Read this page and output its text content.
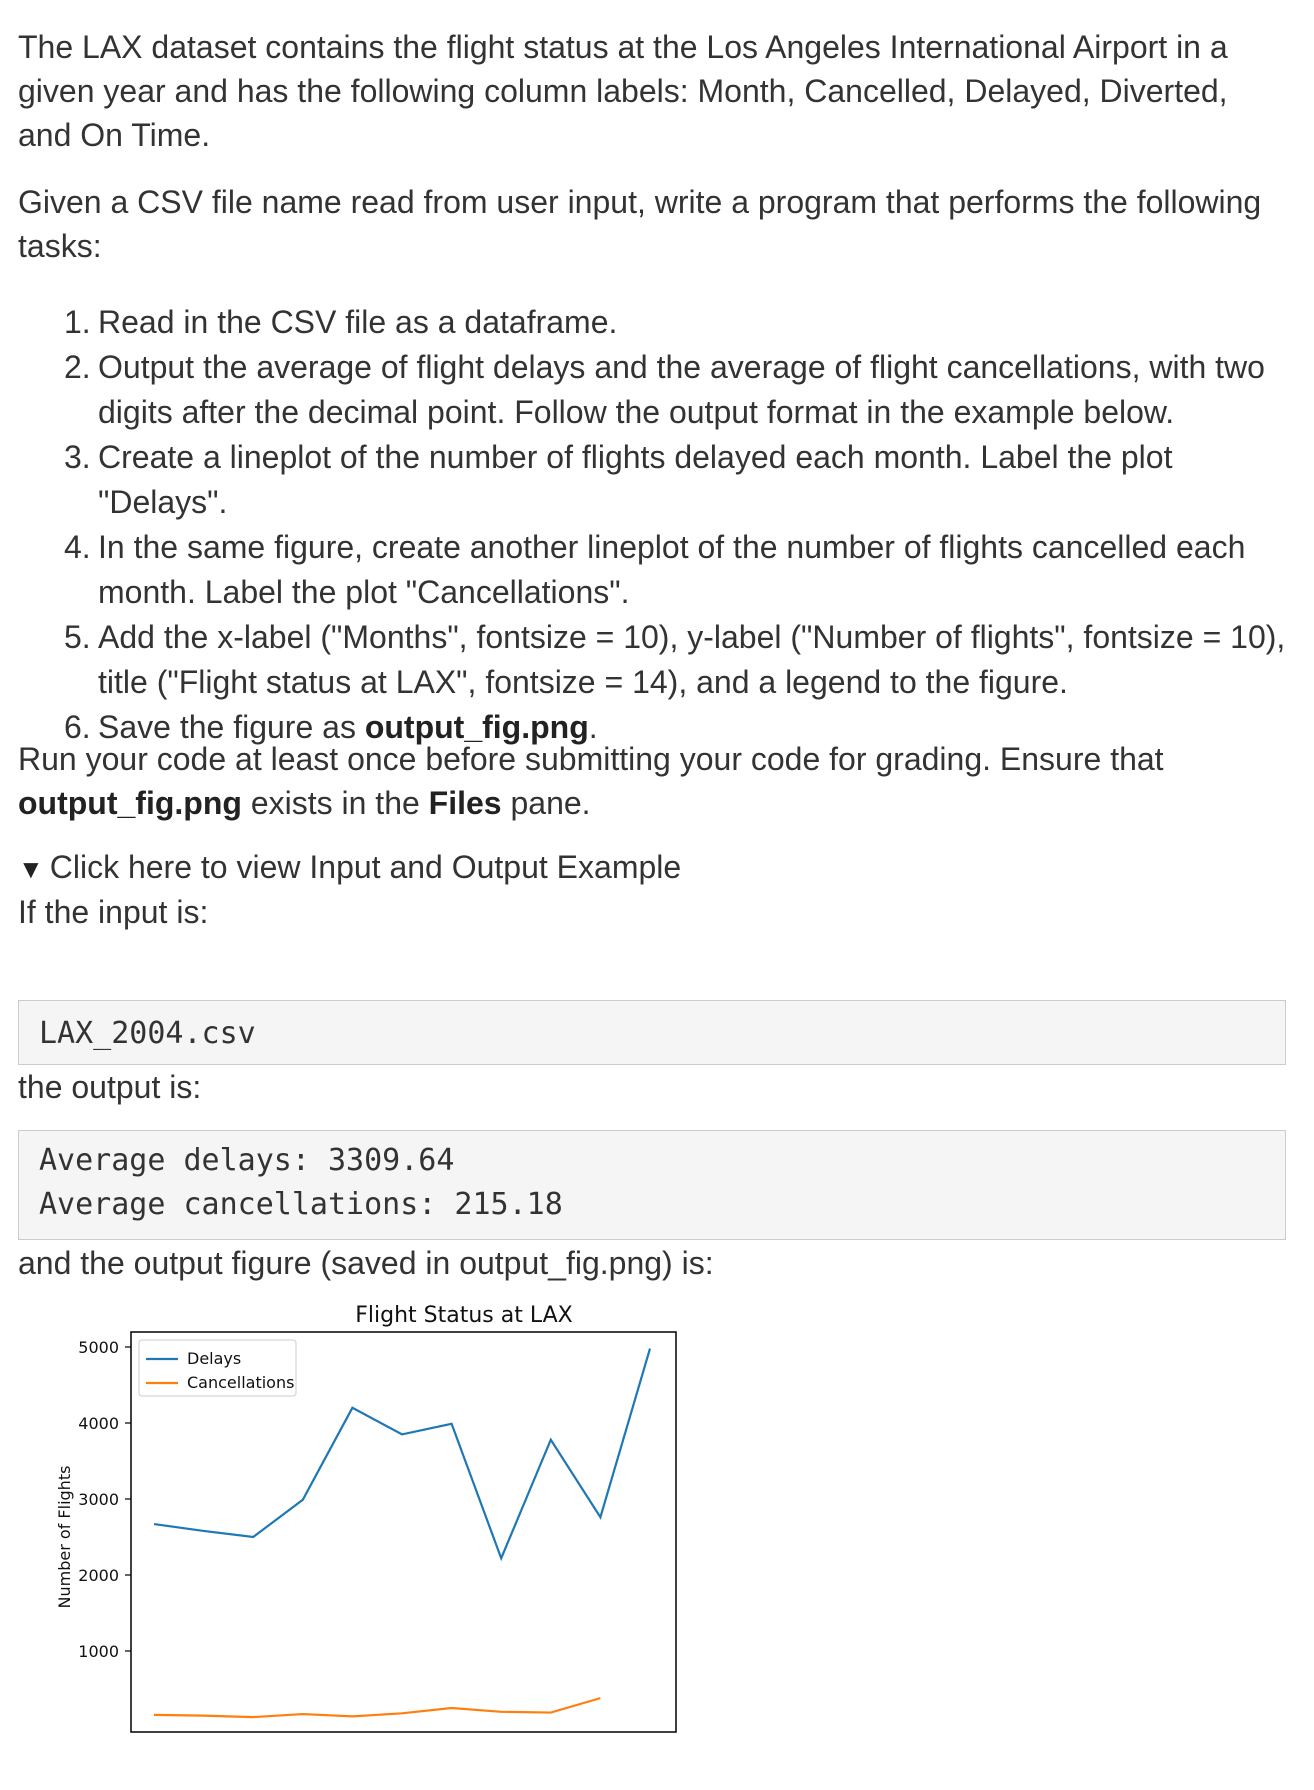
The LAX dataset contains the flight status at the Los Angeles International Airport in a given year and has the following column labels: Month, Cancelled, Delayed, Diverted, and On Time.

Given a CSV file name read from user input, write a program that performs the following tasks:

1. Read in the CSV file as a dataframe.
2. Output the average of flight delays and the average of flight cancellations, with two digits after the decimal point. Follow the output format in the example below.
3. Create a lineplot of the number of flights delayed each month. Label the plot "Delays".
4. In the same figure, create another lineplot of the number of flights cancelled each month. Label the plot "Cancellations".
5. Add the x-label ("Months", fontsize = 10), y-label ("Number of flights", fontsize = 10), title ("Flight status at LAX", fontsize = 14), and a legend to the figure.
6. Save the figure as output_fig.png.

Run your code at least once before submitting your code for grading. Ensure that output_fig.png exists in the Files pane.

▼ Click here to view Input and Output Example

If the input is:

LAX_2004.csv

the output is:

Average delays: 3309.64
Average cancellations: 215.18

and the output figure (saved in output_fig.png) is:

Flight Status at LAX
1000
2000
3000
4000
5000
Number of Flights
Delays
Cancellations
